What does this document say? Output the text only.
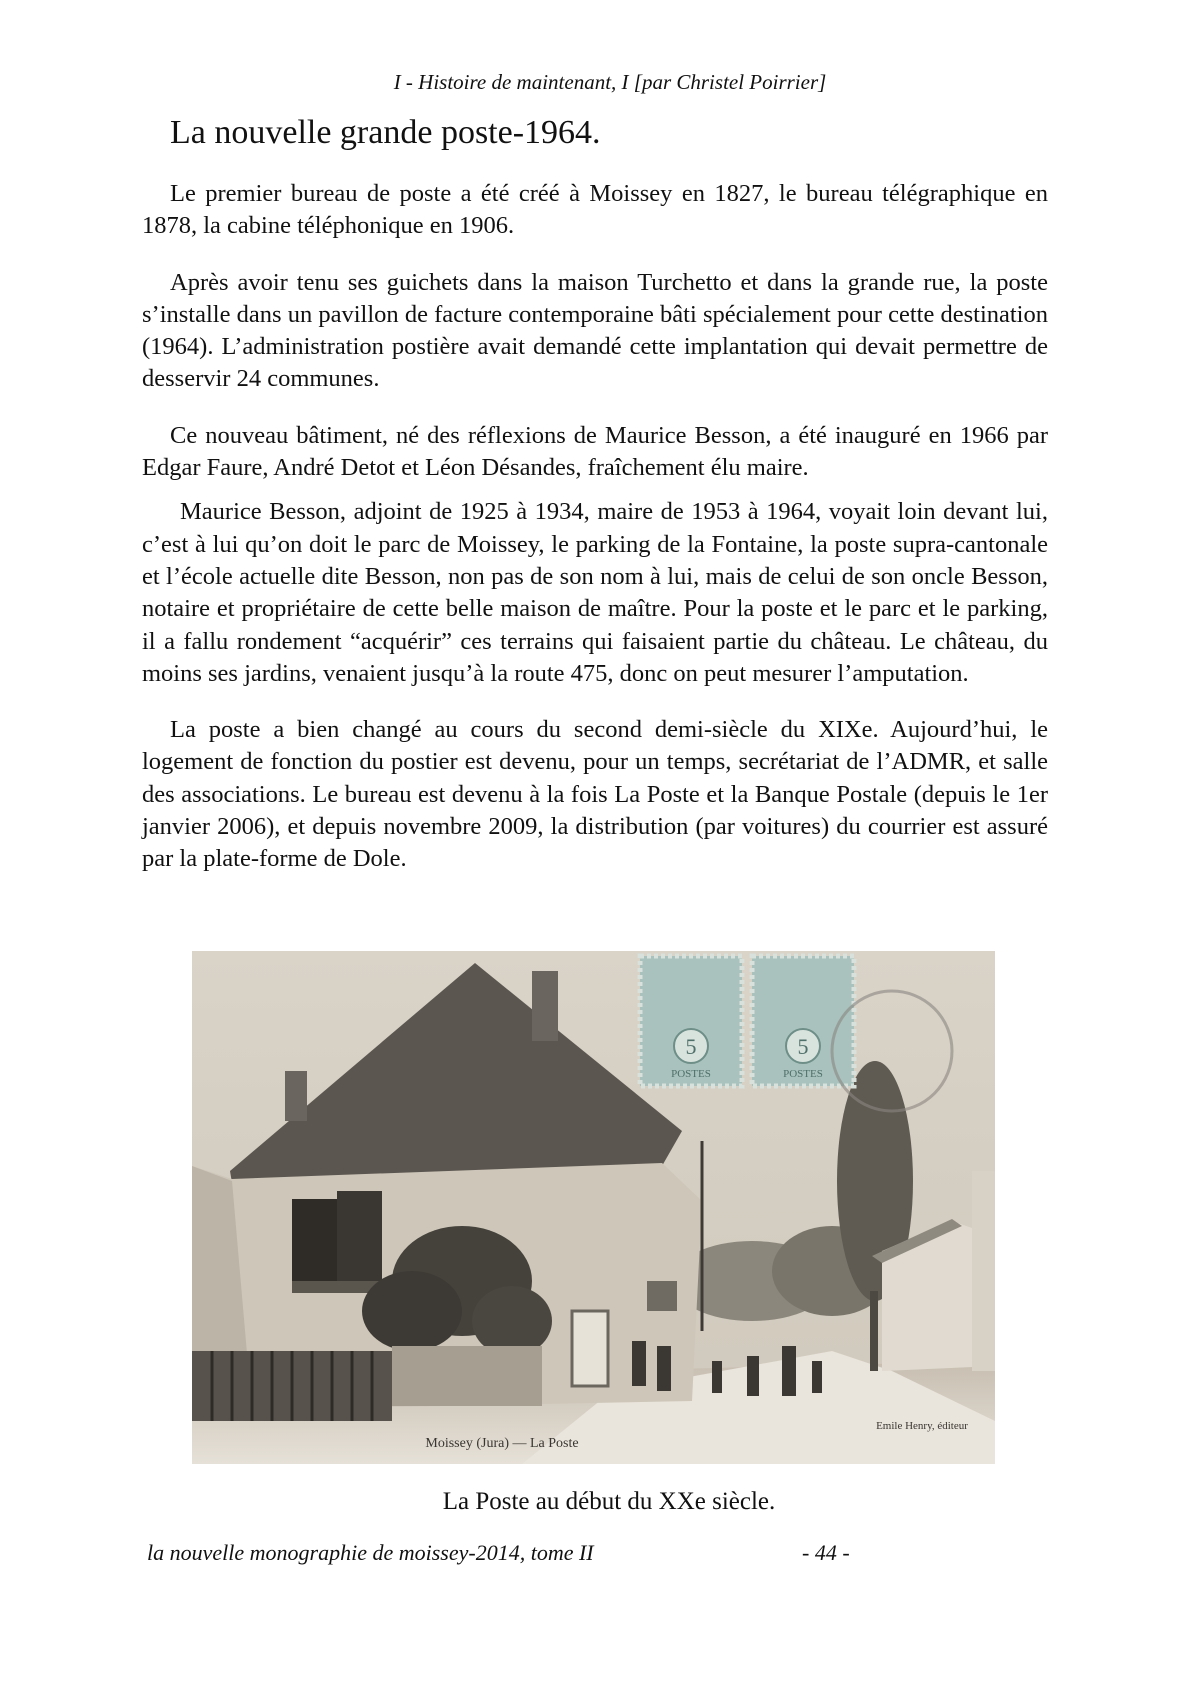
I - Histoire de maintenant, I [par Christel Poirrier]
La nouvelle grande poste-1964.

Le premier bureau de poste a été créé à Moissey en 1827, le bureau télégraphique en 1878, la cabine téléphonique en 1906.

Après avoir tenu ses guichets dans la maison Turchetto et dans la grande rue, la poste s’installe dans un pavillon de facture contemporaine bâti spécialement pour cette destination (1964). L’administration postière avait demandé cette implantation qui devait permettre de desservir 24 communes.

Ce nouveau bâtiment, né des réflexions de Maurice Besson, a été inauguré en 1966 par Edgar Faure, André Detot et Léon Désandes, fraîchement élu maire.

Maurice Besson, adjoint de 1925 à 1934, maire de 1953 à 1964, voyait loin devant lui, c’est à lui qu’on doit le parc de Moissey, le parking de la Fontaine, la poste supra-cantonale et l’école actuelle dite Besson, non pas de son nom à lui, mais de celui de son oncle Besson, notaire et propriétaire de cette belle maison de maître. Pour la poste et le parc et le parking, il a fallu rondement “acquérir” ces terrains qui faisaient partie du château. Le château, du moins ses jardins, venaient jusqu’à la route 475, donc on peut mesurer l’amputation.

La poste a bien changé au cours du second demi-siècle du XIXe. Aujourd’hui, le logement de fonction du postier est devenu, pour un temps, secrétariat de l’ADMR, et salle des associations. Le bureau est devenu à la fois La Poste et la Banque Postale (depuis le 1er janvier 2006), et depuis novembre 2009, la distribution (par voitures) du courrier est assuré par la plate-forme de Dole.

5	5
POSTES	POSTES
Moissey (Jura) — La Poste
Emile Henry, éditeur
La Poste au début du XXe siècle.
la nouvelle monographie de moissey-2014, tome II	- 44 -
